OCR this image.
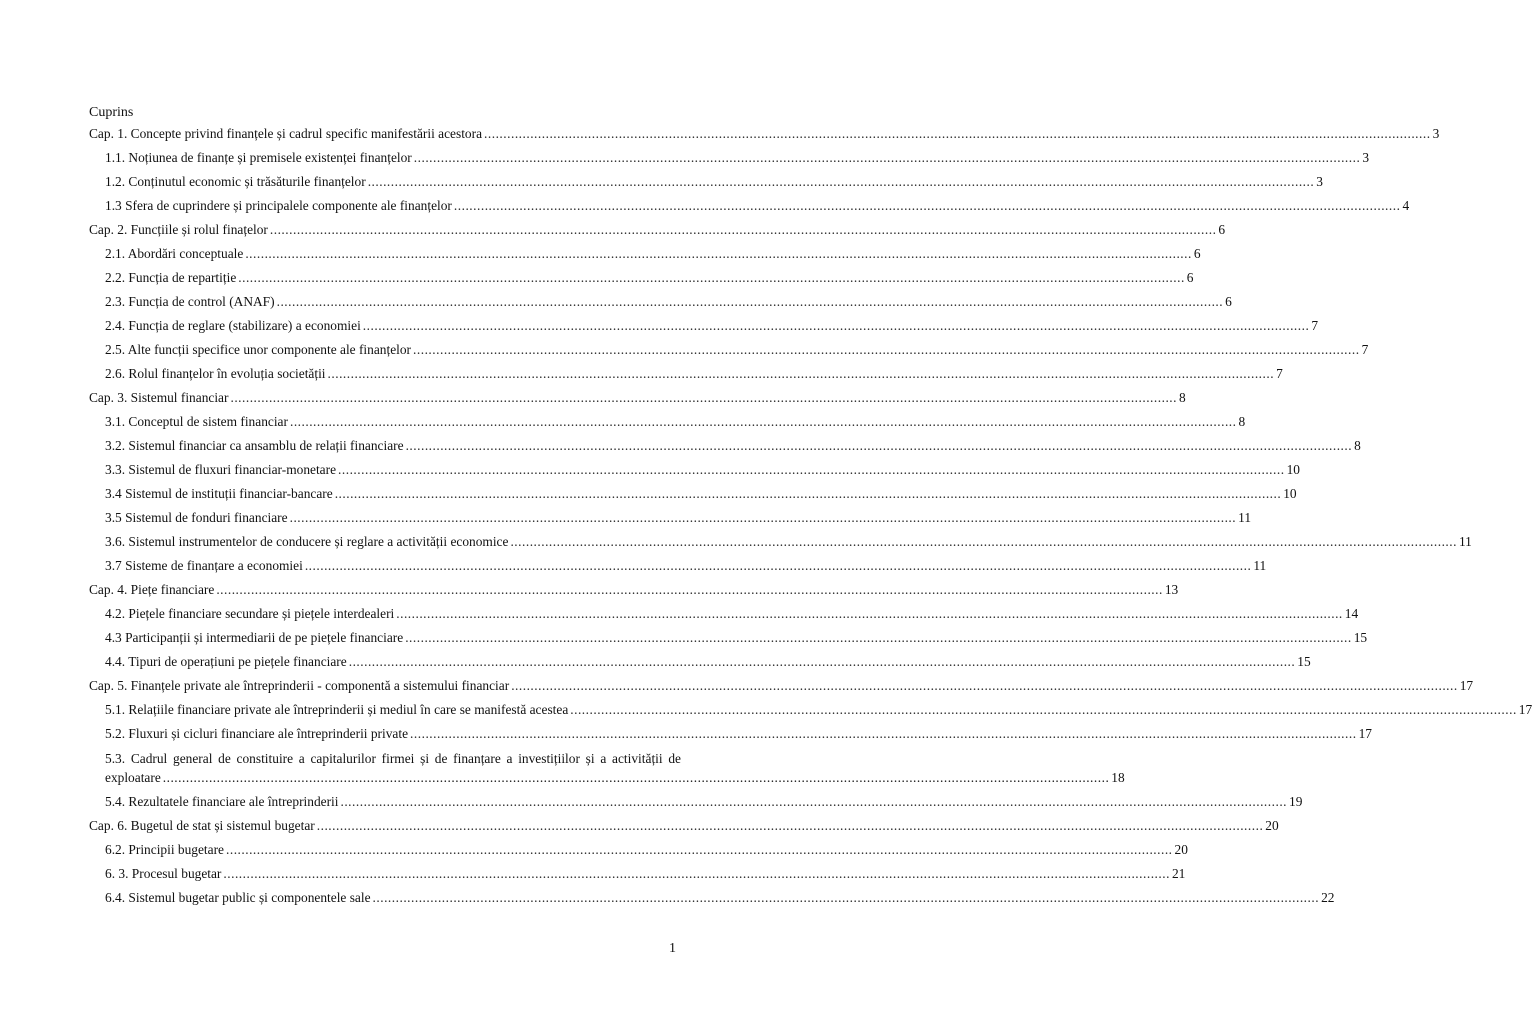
Cuprins
Cap. 1. Concepte privind finanțele și cadrul specific manifestării acestora .....	3
1.1. Noțiunea de finanțe și premisele existenței finanțelor .....	3
1.2. Conținutul economic și trăsăturile finanțelor .....	3
1.3 Sfera de cuprindere și principalele componente ale finanțelor .....	4
Cap. 2. Funcțiile și rolul finațelor .....	6
2.1. Abordări conceptuale .....	6
2.2. Funcția de repartiție .....	6
2.3. Funcția de control (ANAF) .....	6
2.4. Funcția de reglare (stabilizare) a economiei .....	7
2.5. Alte funcții specifice unor componente ale finanțelor .....	7
2.6. Rolul finanțelor în evoluția societății .....	7
Cap. 3. Sistemul financiar .....	8
3.1. Conceptul de sistem financiar .....	8
3.2. Sistemul financiar ca ansamblu de relații financiare .....	8
3.3. Sistemul de fluxuri financiar-monetare .....	10
3.4 Sistemul de instituții financiar-bancare .....	10
3.5 Sistemul de fonduri financiare .....	11
3.6. Sistemul instrumentelor de conducere și reglare a activității economice .....	11
3.7 Sisteme de finanțare a economiei .....	11
Cap. 4. Piețe financiare .....	13
4.2. Piețele financiare secundare și piețele interdealeri .....	14
4.3 Participanții și intermediarii de pe piețele financiare .....	15
4.4. Tipuri de operațiuni pe piețele financiare .....	15
Cap. 5. Finanțele private ale întreprinderii - componentă a sistemului financiar .....	17
5.1. Relațiile financiare private ale întreprinderii și mediul în care se manifestă acestea .....	17
5.2. Fluxuri și cicluri financiare ale întreprinderii private .....	17
5.3. Cadrul general de constituire a capitalurilor firmei și de finanțare a investițiilor și a activității de
exploatare .....	18
5.4. Rezultatele financiare ale întreprinderii .....	19
Cap. 6. Bugetul de stat și sistemul bugetar .....	20
6.2. Principii bugetare .....	20
6. 3. Procesul bugetar .....	21
6.4. Sistemul bugetar public și componentele sale .....	22
1
